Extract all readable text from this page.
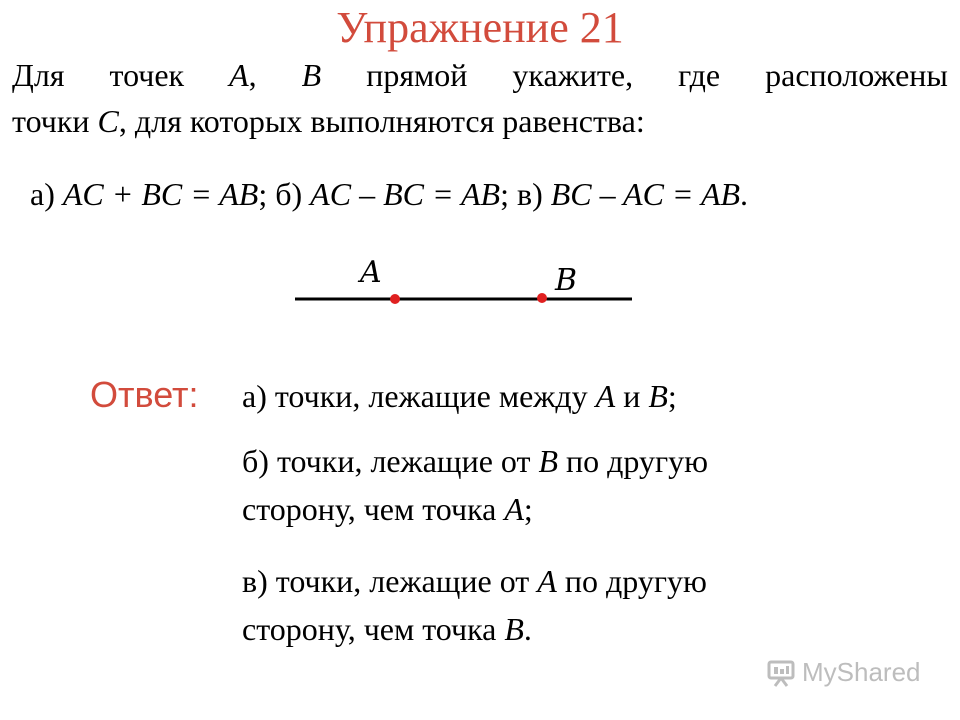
Упражнение 21
Для точек A, B прямой укажите, где расположены
точки C, для которых выполняются равенства:
а) AC + BC = AB; б) AC – BC = AB; в) BC – AC = AB.
A	B
Ответ: а) точки, лежащие между A и B;
б) точки, лежащие от B по другую
сторону, чем точка A;
в) точки, лежащие от A по другую
сторону, чем точка B.
MyShared
